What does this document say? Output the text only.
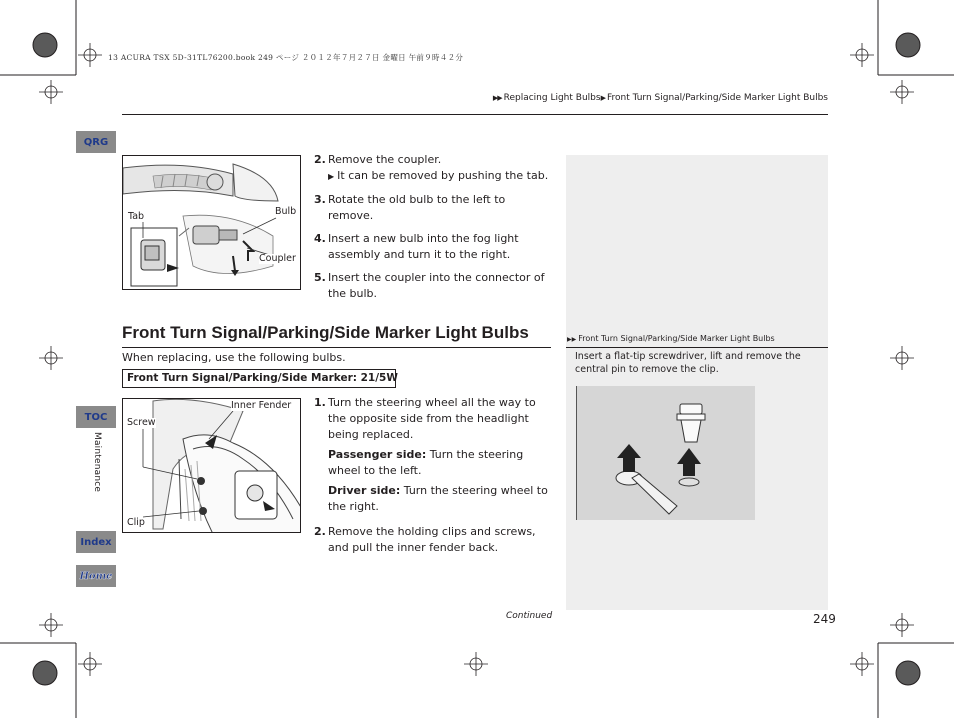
13 ACURA TSX 5D-31TL76200.book 249 ページ ２０１２年７月２７日 金曜日 午前９時４２分
▶▶ Replacing Light Bulbs▶ Front Turn Signal/Parking/Side Marker Light Bulbs
QRG
TOC
Maintenance
Index
Home
Tab	Bulb
Coupler
2. Remove the coupler.
▶ It can be removed by pushing the tab.
3. Rotate the old bulb to the left to remove.
4. Insert a new bulb into the fog light assembly and turn it to the right.
5. Insert the coupler into the connector of the bulb.
▶▶ Front Turn Signal/Parking/Side Marker Light Bulbs
Insert a flat-tip screwdriver, lift and remove the central pin to remove the clip.
Front Turn Signal/Parking/Side Marker Light Bulbs
When replacing, use the following bulbs.
Front Turn Signal/Parking/Side Marker: 21/5W
Inner Fender
Screw
Clip
1. Turn the steering wheel all the way to the opposite side from the headlight being replaced.
Passenger side: Turn the steering wheel to the left.
Driver side: Turn the steering wheel to the right.
2. Remove the holding clips and screws, and pull the inner fender back.
Continued	249
